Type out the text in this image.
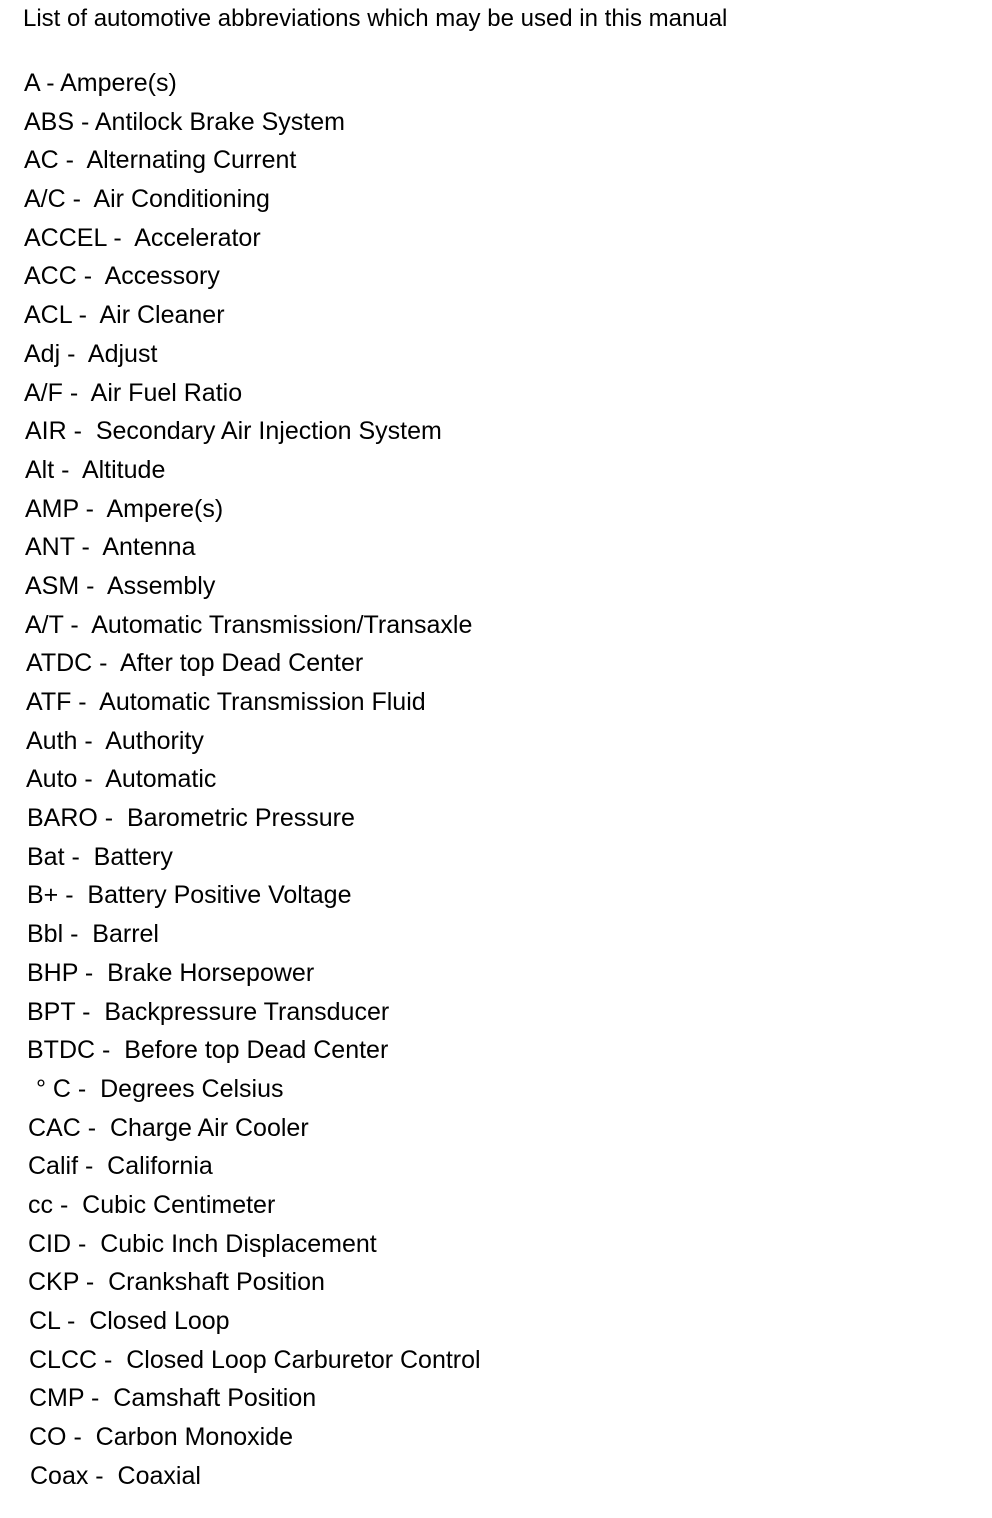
List of automotive abbreviations which may be used in this manual
A - Ampere(s)
ABS - Antilock Brake System
AC -  Alternating Current
A/C -  Air Conditioning
ACCEL -  Accelerator
ACC -  Accessory
ACL -  Air Cleaner
Adj -  Adjust
A/F -  Air Fuel Ratio
AIR -  Secondary Air Injection System
Alt -  Altitude
AMP -  Ampere(s)
ANT -  Antenna
ASM -  Assembly
A/T -  Automatic Transmission/Transaxle
ATDC -  After top Dead Center
ATF -  Automatic Transmission Fluid
Auth -  Authority
Auto -  Automatic
BARO -  Barometric Pressure
Bat -  Battery
B+ -  Battery Positive Voltage
Bbl -  Barrel
BHP -  Brake Horsepower
BPT -  Backpressure Transducer
BTDC -  Before top Dead Center
° C -  Degrees Celsius
CAC -  Charge Air Cooler
Calif -  California
cc -  Cubic Centimeter
CID -  Cubic Inch Displacement
CKP -  Crankshaft Position
CL -  Closed Loop
CLCC -  Closed Loop Carburetor Control
CMP -  Camshaft Position
CO -  Carbon Monoxide
Coax -  Coaxial
